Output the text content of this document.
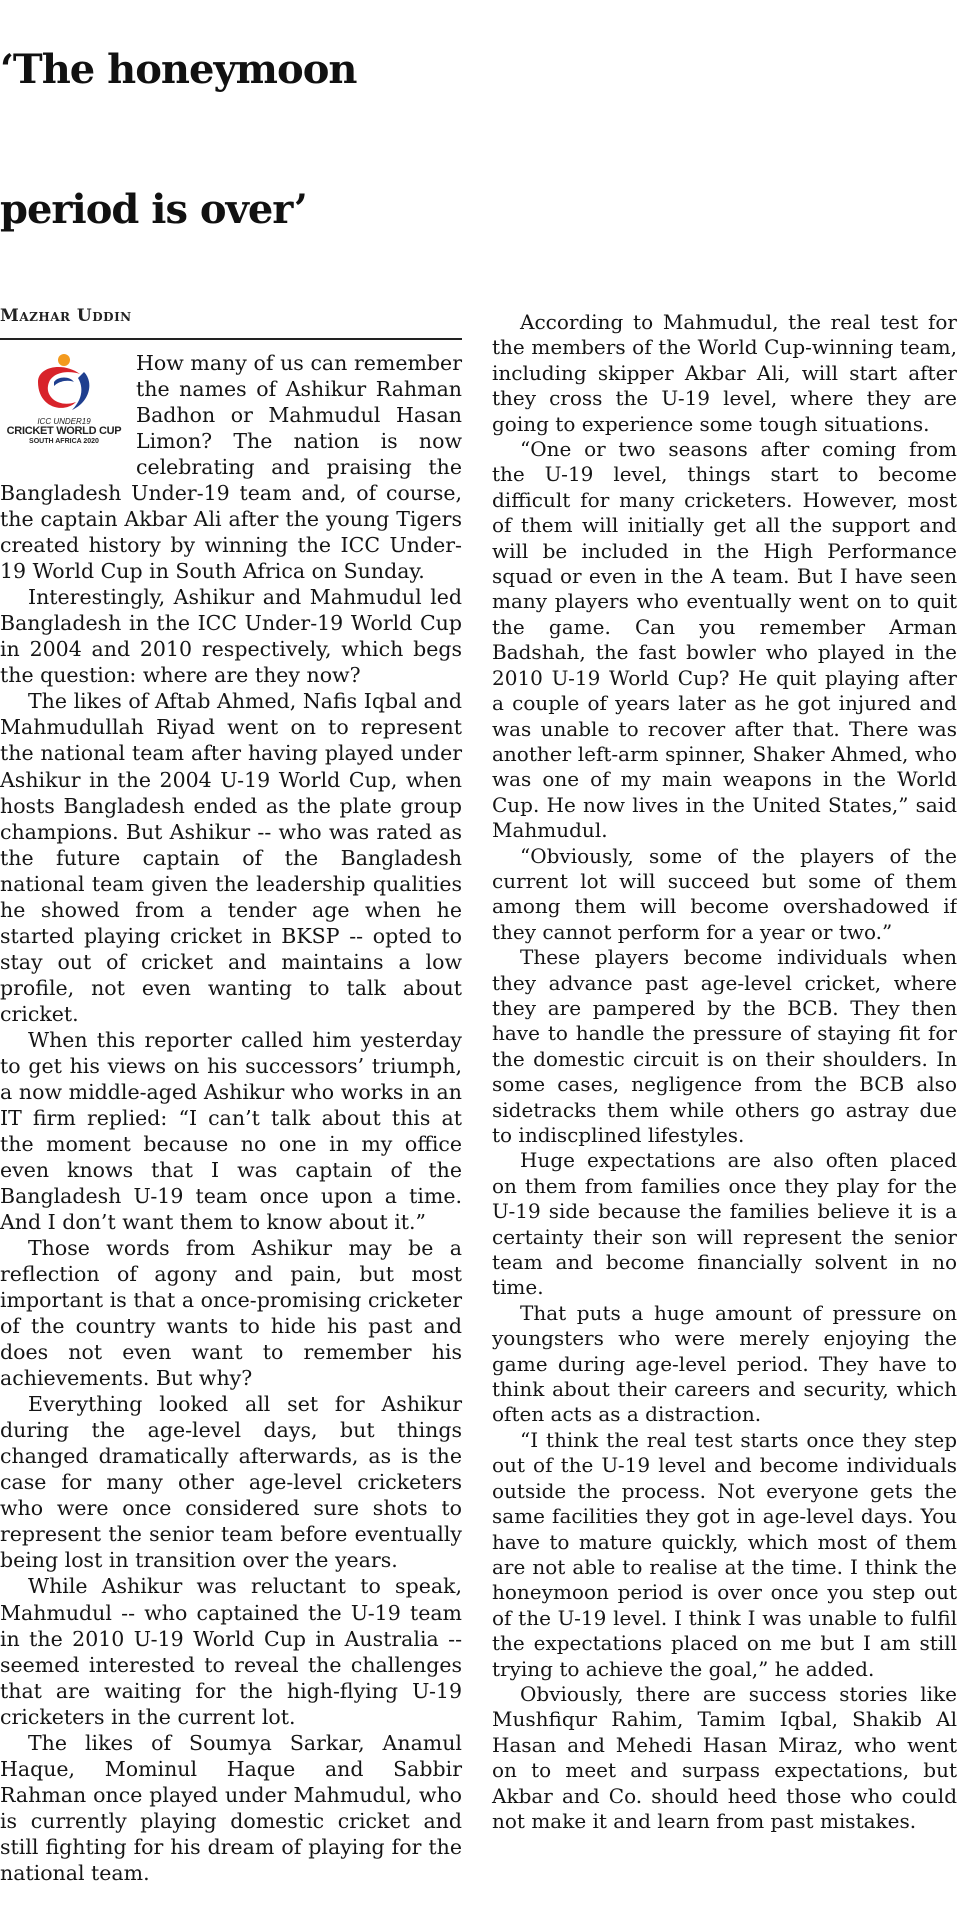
‘The honeymoon
period is over’
Mazhar Uddin
ICC UNDER19
CRICKET WORLD CUP
SOUTH AFRICA 2020

How many of us can remember the names of Ashikur Rahman Badhon or Mahmudul Hasan Limon? The nation is now celebrating and praising the Bangladesh Under-19 team and, of course, the captain Akbar Ali after the young Tigers created history by winning the ICC Under-19 World Cup in South Africa on Sunday.

Interestingly, Ashikur and Mahmudul led Bangladesh in the ICC Under-19 World Cup in 2004 and 2010 respectively, which begs the question: where are they now?

The likes of Aftab Ahmed, Nafis Iqbal and Mahmudullah Riyad went on to represent the national team after having played under Ashikur in the 2004 U-19 World Cup, when hosts Bangladesh ended as the plate group champions. But Ashikur -- who was rated as the future captain of the Bangladesh national team given the leadership qualities he showed from a tender age when he started playing cricket in BKSP -- opted to stay out of cricket and maintains a low profile, not even wanting to talk about cricket.

When this reporter called him yesterday to get his views on his successors’ triumph, a now middle-aged Ashikur who works in an IT firm replied: “I can’t talk about this at the moment because no one in my office even knows that I was captain of the Bangladesh U-19 team once upon a time. And I don’t want them to know about it.”

Those words from Ashikur may be a reflection of agony and pain, but most important is that a once-promising cricketer of the country wants to hide his past and does not even want to remember his achievements. But why?

Everything looked all set for Ashikur during the age-level days, but things changed dramatically afterwards, as is the case for many other age-level cricketers who were once considered sure shots to represent the senior team before eventually being lost in transition over the years.

While Ashikur was reluctant to speak, Mahmudul -- who captained the U-19 team in the 2010 U-19 World Cup in Australia -- seemed interested to reveal the challenges that are waiting for the high-flying U-19 cricketers in the current lot.

The likes of Soumya Sarkar, Anamul Haque, Mominul Haque and Sabbir Rahman once played under Mahmudul, who is currently playing domestic cricket and still fighting for his dream of playing for the national team.

According to Mahmudul, the real test for the members of the World Cup-winning team, including skipper Akbar Ali, will start after they cross the U-19 level, where they are going to experience some tough situations.

“One or two seasons after coming from the U-19 level, things start to become difficult for many cricketers. However, most of them will initially get all the support and will be included in the High Performance squad or even in the A team. But I have seen many players who eventually went on to quit the game. Can you remember Arman Badshah, the fast bowler who played in the 2010 U-19 World Cup? He quit playing after a couple of years later as he got injured and was unable to recover after that. There was another left-arm spinner, Shaker Ahmed, who was one of my main weapons in the World Cup. He now lives in the United States,” said Mahmudul.

“Obviously, some of the players of the current lot will succeed but some of them among them will become overshadowed if they cannot perform for a year or two.”

These players become individuals when they advance past age-level cricket, where they are pampered by the BCB. They then have to handle the pressure of staying fit for the domestic circuit is on their shoulders. In some cases, negligence from the BCB also sidetracks them while others go astray due to indiscplined lifestyles.

Huge expectations are also often placed on them from families once they play for the U-19 side because the families believe it is a certainty their son will represent the senior team and become financially solvent in no time.

That puts a huge amount of pressure on youngsters who were merely enjoying the game during age-level period. They have to think about their careers and security, which often acts as a distraction.

“I think the real test starts once they step out of the U-19 level and become individuals outside the process. Not everyone gets the same facilities they got in age-level days. You have to mature quickly, which most of them are not able to realise at the time. I think the honeymoon period is over once you step out of the U-19 level. I think I was unable to fulfil the expectations placed on me but I am still trying to achieve the goal,” he added.

Obviously, there are success stories like Mushfiqur Rahim, Tamim Iqbal, Shakib Al Hasan and Mehedi Hasan Miraz, who went on to meet and surpass expectations, but Akbar and Co. should heed those who could not make it and learn from past mistakes.
